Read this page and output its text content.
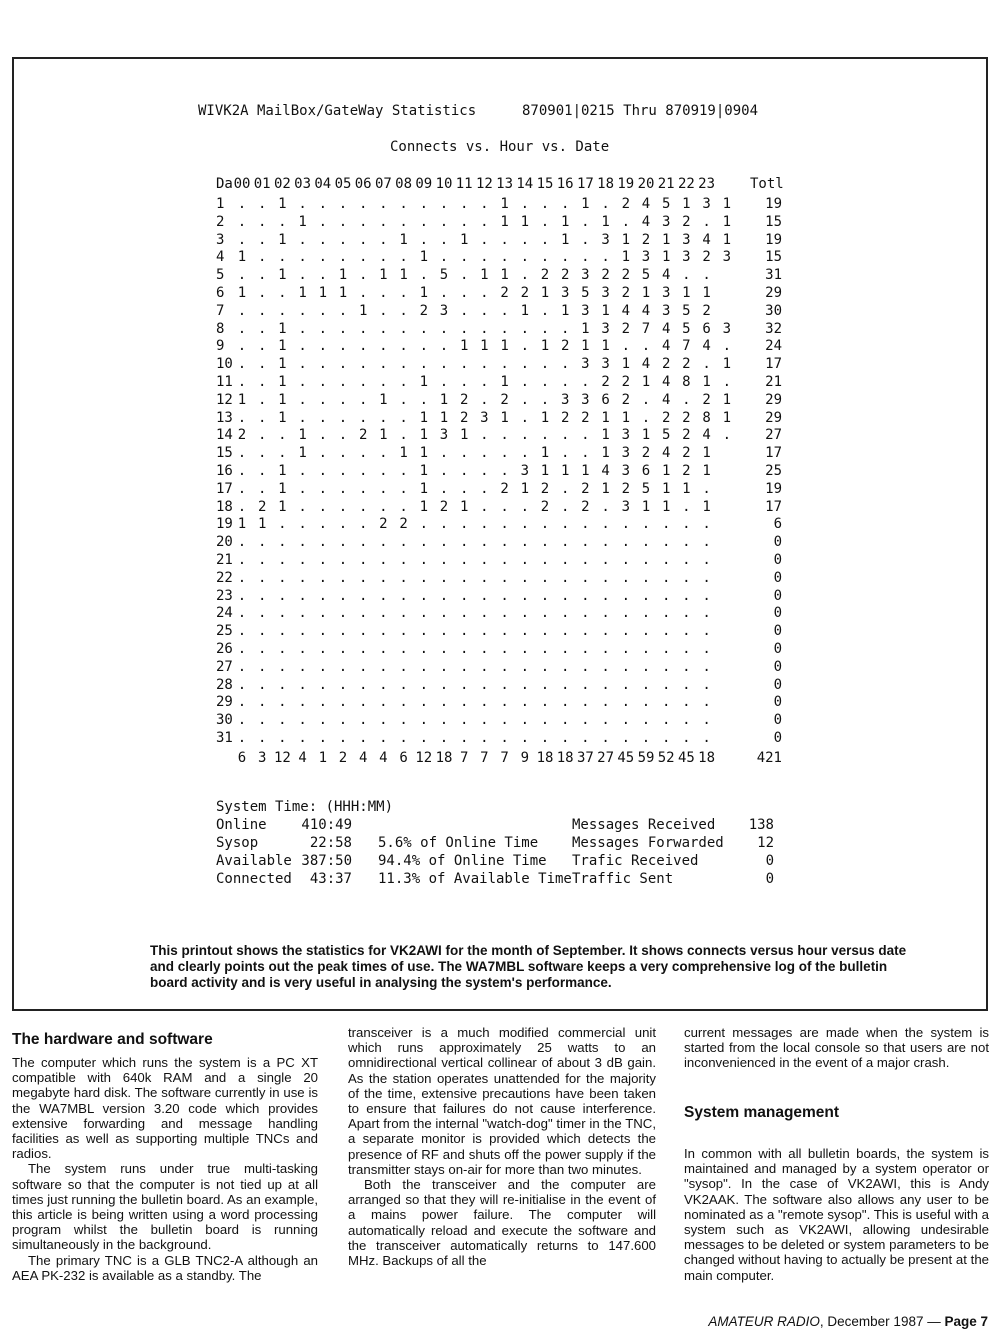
WIVK2A MailBox/GateWay Statistics	870901|0215 Thru 870919|0904
Connects vs. Hour vs. Date
Da 00 01 02 03 04 05 06 07 08 09 10 11 12 13 14 15 16 17 18 19 20 21 22 23 Totl
1 . . 1 . . . . . . . . . . 1 . . . 1 . 2 4 5 1 3 1	19
2 . . . 1 . . . . . . . . . 1 1 . 1 . 1 . 4 3 2 . 1	15
3 . . 1 . . . . . 1 . . 1 . . . . 1 . 3 1 2 1 3 4 1	19
4 1 . . . . . . . . 1 . . . . . . . . . 1 3 1 3 2 3	15
5 . . 1 . . 1 . 1 1 . 5 . 1 1 . 2 2 3 2 2 5 4 . .	31
6 1 . . 1 1 1 . . . 1 . . . 2 2 1 3 5 3 2 1 3 1 1	29
7 . . . . . . 1 . . 2 3 . . . 1 . 1 3 1 4 4 3 5 2	30
8 . . 1 . . . . . . . . . . . . . . 1 3 2 7 4 5 6 3	32
9 . . 1 . . . . . . . . 1 1 1 . 1 2 1 1 . . 4 7 4 .	24
10 . . 1 . . . . . . . . . . . . . . 3 3 1 4 2 2 . 1	17
11 . . 1 . . . . . . 1 . . . 1 . . . . 2 2 1 4 8 1 .	21
12 1 . 1 . . . . 1 . . 1 2 . 2 . . 3 3 6 2 . 4 . 2 1	29
13 . . 1 . . . . . . 1 1 2 3 1 . 1 2 2 1 1 . 2 2 8 1	29
14 2 . . 1 . . 2 1 . 1 3 1 . . . . . . 1 3 1 5 2 4 .	27
15 . . . 1 . . . . 1 1 . . . . . 1 . . 1 3 2 4 2 1	17
16 . . 1 . . . . . . 1 . . . . 3 1 1 1 4 3 6 1 2 1	25
17 . . 1 . . . . . . 1 . . . 2 1 2 . 2 1 2 5 1 1 .	19
18 . 2 1 . . . . . . 1 2 1 . . . 2 . 2 . 3 1 1 . 1	17
19 1 1 . . . . . 2 2 . . . . . . . . . . . . . . .	6
20 . . . . . . . . . . . . . . . . . . . . . . . .	0
21 . . . . . . . . . . . . . . . . . . . . . . . .	0
22 . . . . . . . . . . . . . . . . . . . . . . . .	0
23 . . . . . . . . . . . . . . . . . . . . . . . .	0
24 . . . . . . . . . . . . . . . . . . . . . . . .	0
25 . . . . . . . . . . . . . . . . . . . . . . . .	0
26 . . . . . . . . . . . . . . . . . . . . . . . .	0
27 . . . . . . . . . . . . . . . . . . . . . . . .	0
28 . . . . . . . . . . . . . . . . . . . . . . . .	0
29 . . . . . . . . . . . . . . . . . . . . . . . .	0
30 . . . . . . . . . . . . . . . . . . . . . . . .	0
31 . . . . . . . . . . . . . . . . . . . . . . . .	0
6 3 12 4 1 2 4 4 6 12 18 7 7 7 9 18 18 37 27 45 59 52 45 18	421
System Time: (HHH:MM)
Online	410:49	Messages Received	138
Sysop	22:58 5.6% of Online Time	Messages Forwarded	12
Available 387:50 94.4% of Online Time Trafic Received	0
Connected	43:37 11.3% of Available Time Traffic Sent	0
This printout shows the statistics for VK2AWI for the month of September. It shows connects versus hour versus date and clearly points out the peak times of use. The WA7MBL software keeps a very comprehensive log of the bulletin board activity and is very useful in analysing the system's performance.
The hardware and software

The computer which runs the system is a PC XT compatible with 640k RAM and a single 20 megabyte hard disk. The software currently in use is the WA7MBL version 3.20 code which provides extensive forwarding and message handling facilities as well as supporting multiple TNCs and radios.

The system runs under true multi-tasking software so that the computer is not tied up at all times just running the bulletin board. As an example, this article is being written using a word processing program whilst the bulletin board is running simultaneously in the background.

The primary TNC is a GLB TNC2-A although an AEA PK-232 is available as a standby. The

transceiver is a much modified commercial unit which runs approximately 25 watts to an omnidirectional vertical collinear of about 3 dB gain. As the station operates unattended for the majority of the time, extensive precautions have been taken to ensure that failures do not cause interference. Apart from the internal "watch-dog" timer in the TNC, a separate monitor is provided which detects the presence of RF and shuts off the power supply if the transmitter stays on-air for more than two minutes.

Both the transceiver and the computer are arranged so that they will re-initialise in the event of a mains power failure. The computer will automatically reload and execute the software and the transceiver automatically returns to 147.600 MHz. Backups of all the

current messages are made when the system is started from the local console so that users are not inconvenienced in the event of a major crash.

System management

In common with all bulletin boards, the system is maintained and managed by a system operator or "sysop". In the case of VK2AWI, this is Andy VK2AAK. The software also allows any user to be nominated as a "remote sysop". This is useful with a system such as VK2AWI, allowing undesirable messages to be deleted or system parameters to be changed without having to actually be present at the main computer.

AMATEUR RADIO, December 1987 — Page 7
